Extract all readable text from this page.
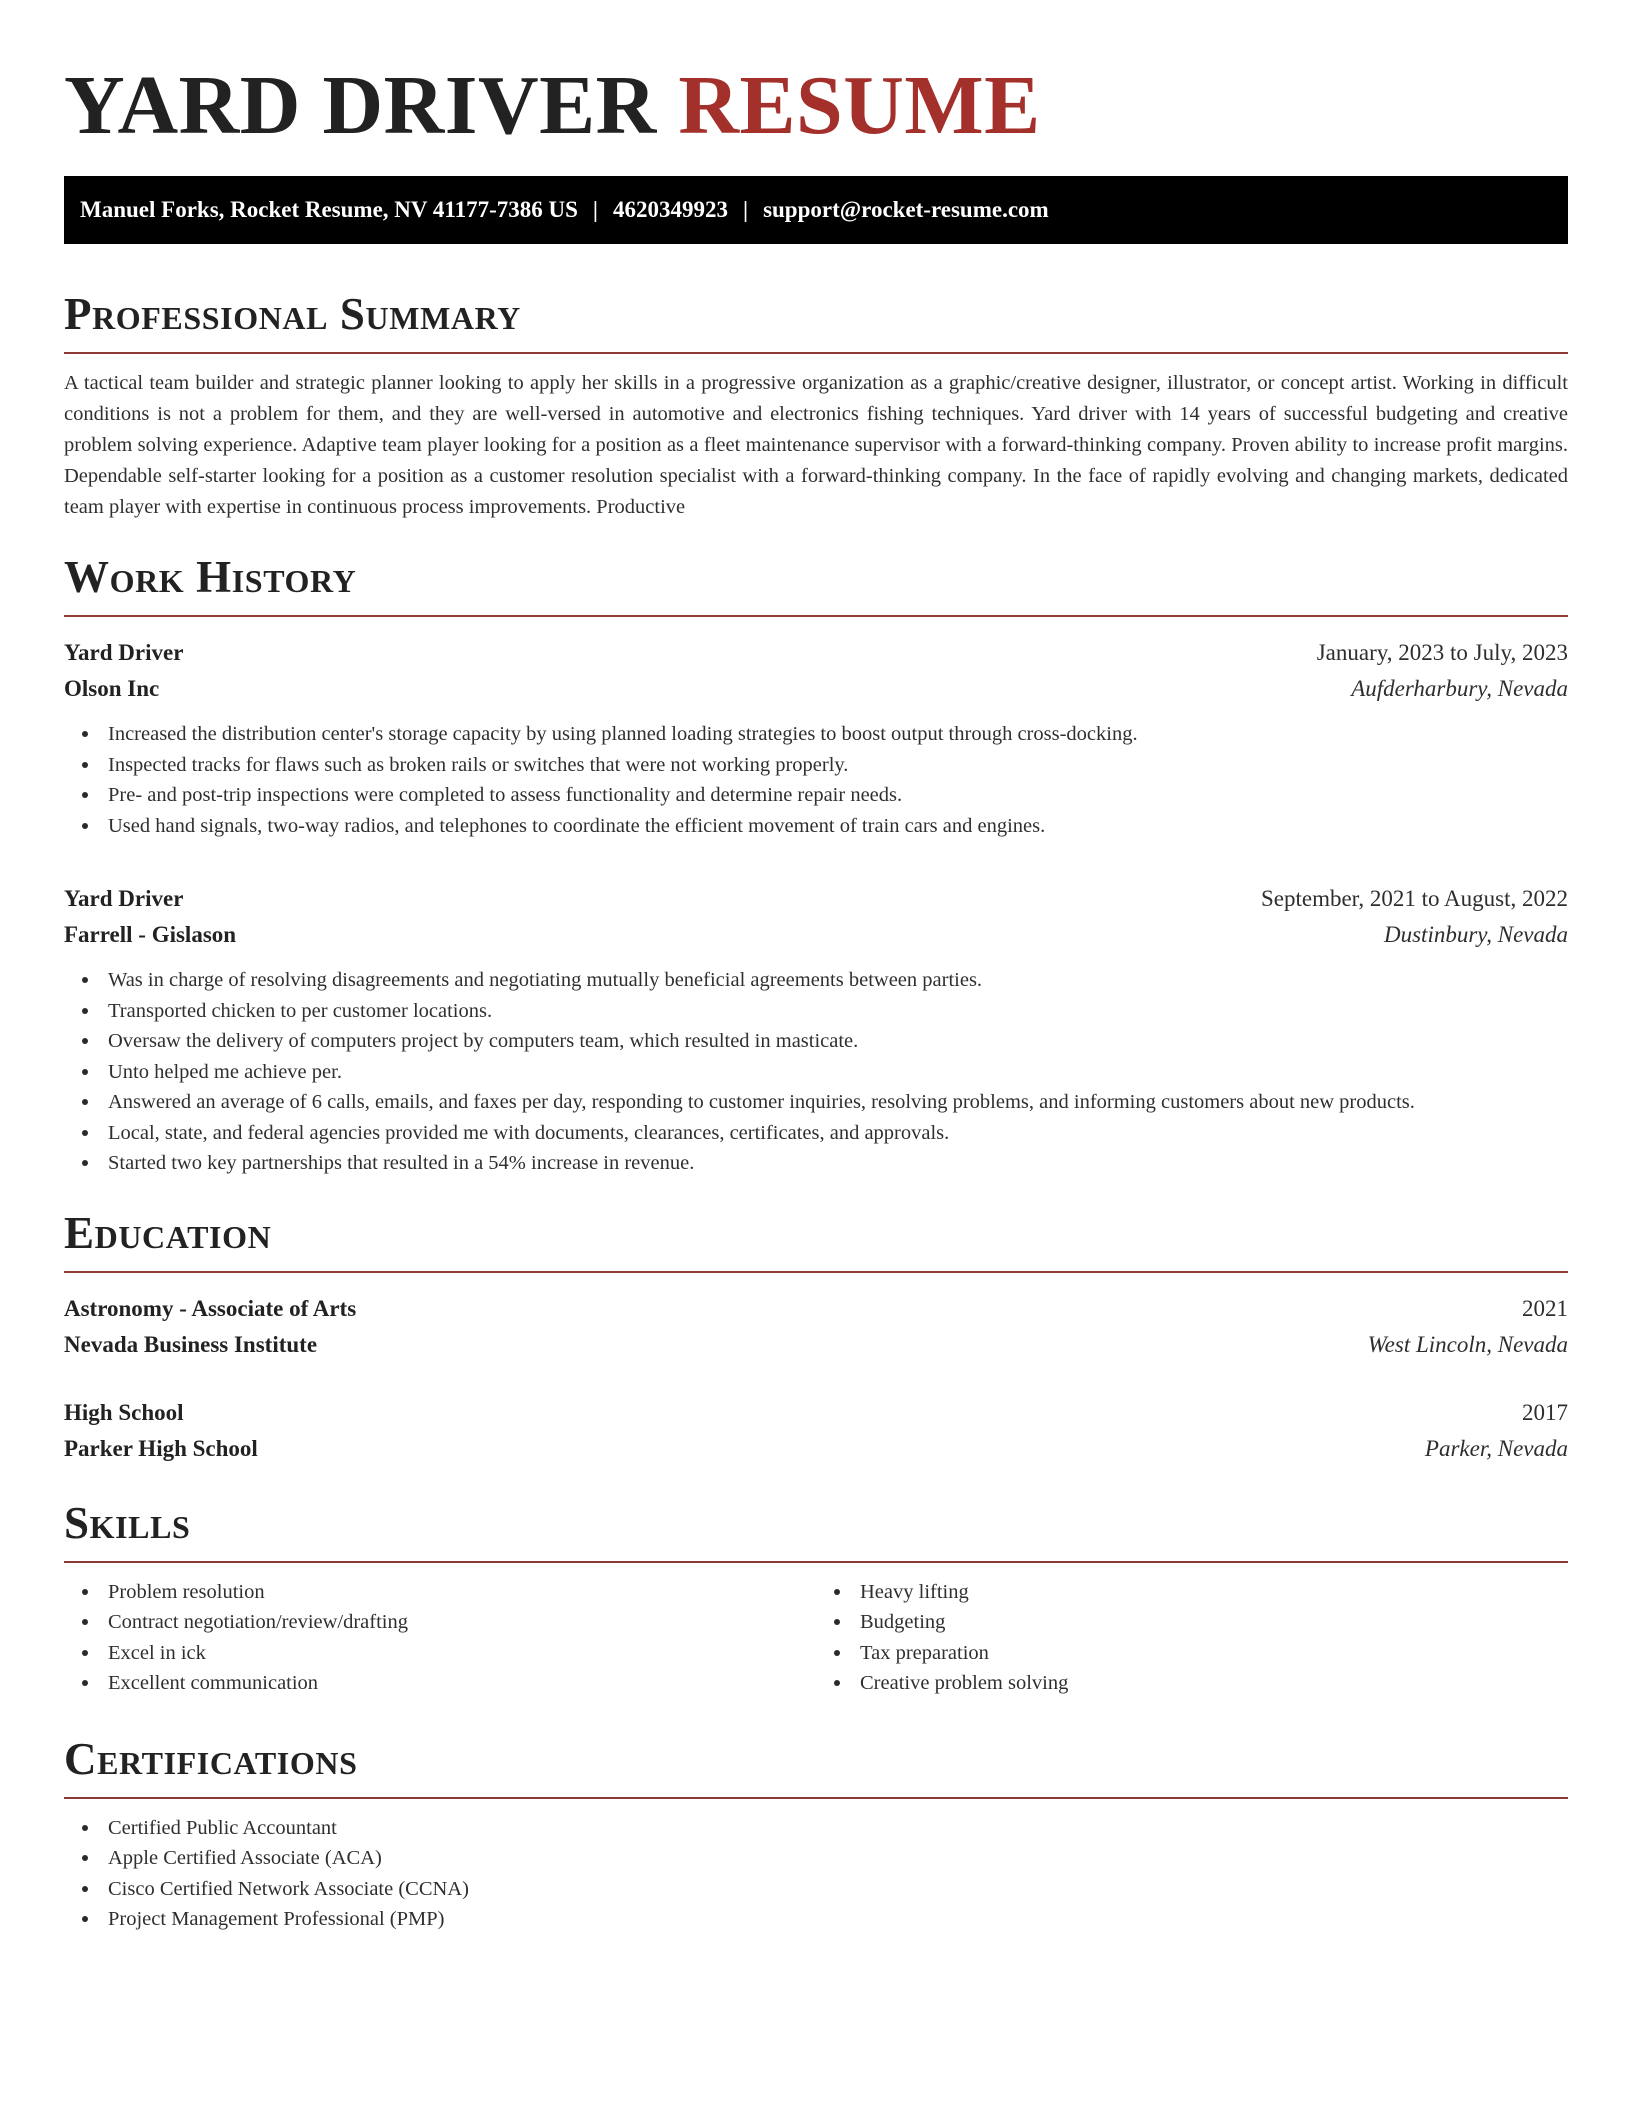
YARD DRIVER RESUME
Manuel Forks, Rocket Resume, NV 41177-7386 US | 4620349923 | support@rocket-resume.com
Professional Summary

A tactical team builder and strategic planner looking to apply her skills in a progressive organization as a graphic/creative designer, illustrator, or concept artist. Working in difficult conditions is not a problem for them, and they are well-versed in automotive and electronics fishing techniques. Yard driver with 14 years of successful budgeting and creative problem solving experience. Adaptive team player looking for a position as a fleet maintenance supervisor with a forward-thinking company. Proven ability to increase profit margins. Dependable self-starter looking for a position as a customer resolution specialist with a forward-thinking company. In the face of rapidly evolving and changing markets, dedicated team player with expertise in continuous process improvements. Productive

Work History
Yard Driver	January, 2023 to July, 2023
Olson Inc	Aufderharbury, Nevada
Increased the distribution center's storage capacity by using planned loading strategies to boost output through cross-docking.
Inspected tracks for flaws such as broken rails or switches that were not working properly.
Pre- and post-trip inspections were completed to assess functionality and determine repair needs.
Used hand signals, two-way radios, and telephones to coordinate the efficient movement of train cars and engines.
Yard Driver	September, 2021 to August, 2022
Farrell - Gislason	Dustinbury, Nevada
Was in charge of resolving disagreements and negotiating mutually beneficial agreements between parties.
Transported chicken to per customer locations.
Oversaw the delivery of computers project by computers team, which resulted in masticate.
Unto helped me achieve per.
Answered an average of 6 calls, emails, and faxes per day, responding to customer inquiries, resolving problems, and informing customers about new products.
Local, state, and federal agencies provided me with documents, clearances, certificates, and approvals.
Started two key partnerships that resulted in a 54% increase in revenue.
Education
Astronomy - Associate of Arts	2021
Nevada Business Institute	West Lincoln, Nevada
High School	2017
Parker High School	Parker, Nevada
Skills
Problem resolution
Contract negotiation/review/drafting
Excel in ick
Excellent communication
Heavy lifting
Budgeting
Tax preparation
Creative problem solving
Certifications
Certified Public Accountant
Apple Certified Associate (ACA)
Cisco Certified Network Associate (CCNA)
Project Management Professional (PMP)
